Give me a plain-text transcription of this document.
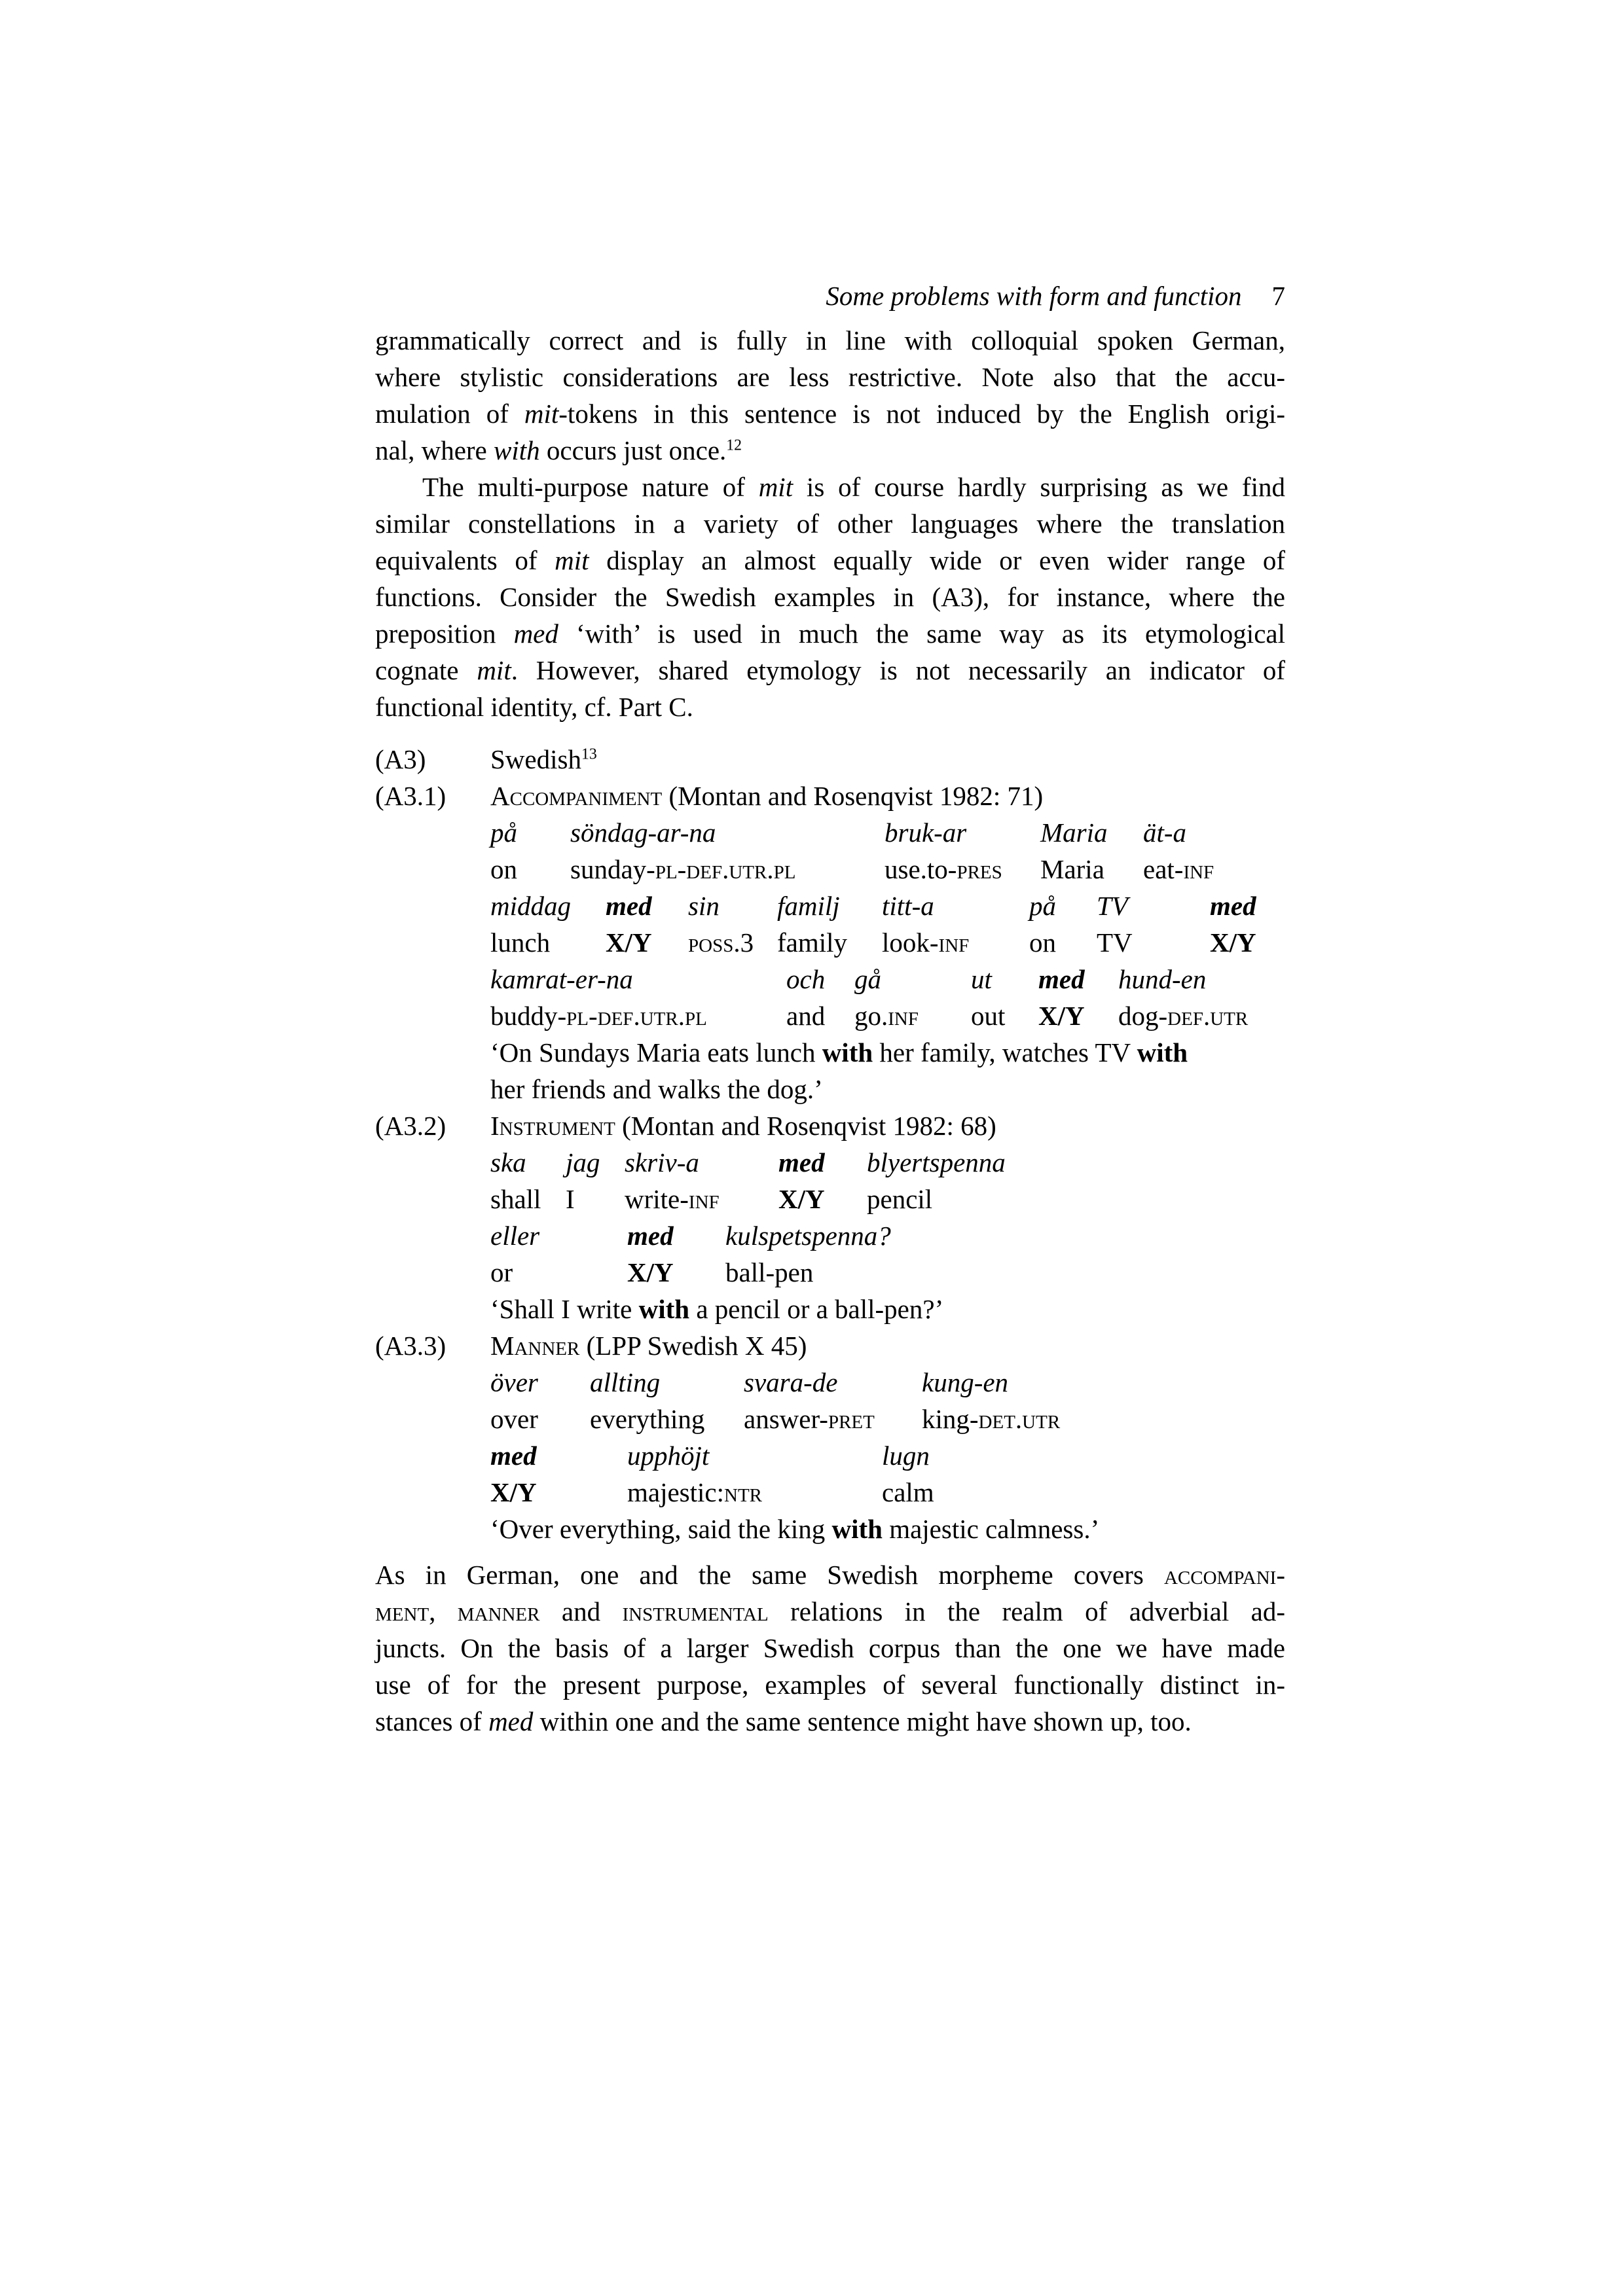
Some problems with form and function 7
grammatically correct and is fully in line with colloquial spoken German,
where stylistic considerations are less restrictive. Note also that the accu-
mulation of mit-tokens in this sentence is not induced by the English origi-
nal, where with occurs just once.$^{12}$
The multi-purpose nature of mit is of course hardly surprising as we find
similar constellations in a variety of other languages where the translation
equivalents of mit display an almost equally wide or even wider range of
functions. Consider the Swedish examples in (A3), for instance, where the
preposition med ‘with’ is used in much the same way as its etymological
cognate mit. However, shared etymology is not necessarily an indicator of
functional identity, cf. Part C.
(A3) Swedish$^{13}$
(A3.1) Accompaniment (Montan and Rosenqvist 1982: 71)
på
on
söndag-ar-na
sunday-pl-def.utr.pl
bruk-ar
use.to-pres
Maria
Maria
ät-a
eat-inf
middag
lunch
med
X/Y
sin
poss.3
familj
family
titt-a
look-inf
på
on
TV
TV
med
X/Y
kamrat-er-na
buddy-pl-def.utr.pl
och
and
gå
go.inf
ut
out
med
X/Y
hund-en
dog-def.utr
‘On Sundays Maria eats lunch with her family, watches TV with
her friends and walks the dog.’
(A3.2) Instrument (Montan and Rosenqvist 1982: 68)
ska
shall
jag
I
skriv-a
write-inf
med
X/Y
blyertspenna
pencil
eller
or
med
X/Y
kulspetspenna?
ball-pen
‘Shall I write with a pencil or a ball-pen?’
(A3.3) Manner (LPP Swedish X 45)
över
over
allting
everything
svara-de
answer-pret
kung-en
king-det.utr
med
X/Y
upphöjt
majestic:ntr
lugn
calm
‘Over everything, said the king with majestic calmness.’
As in German, one and the same Swedish morpheme covers accompani-
ment, manner and instrumental relations in the realm of adverbial ad-
juncts. On the basis of a larger Swedish corpus than the one we have made
use of for the present purpose, examples of several functionally distinct in-
stances of med within one and the same sentence might have shown up, too.
